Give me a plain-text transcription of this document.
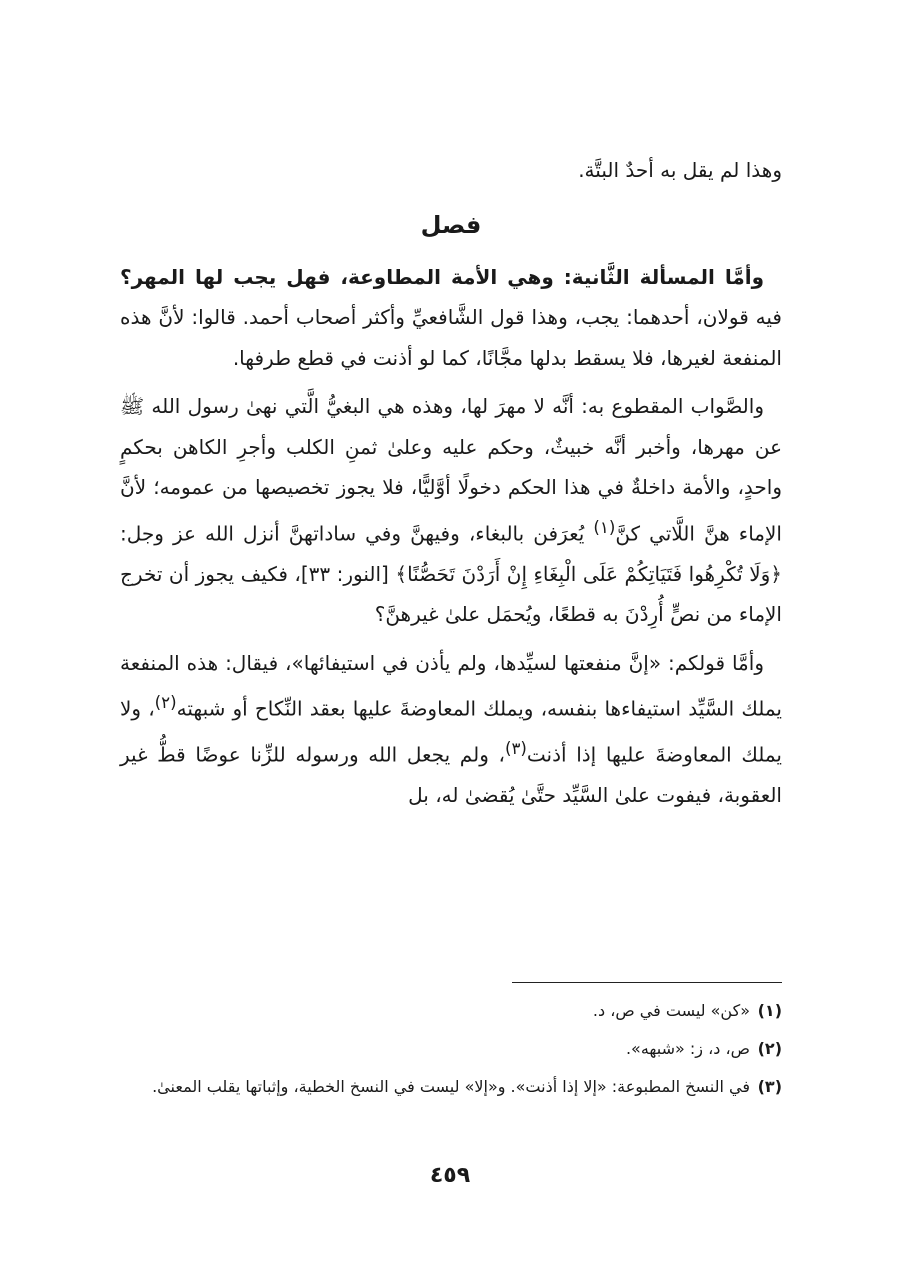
وهذا لم يقل به أحدٌ البتَّة.

فصل

وأمَّا المسألة الثَّانية: وهي الأمة المطاوعة، فهل يجب لها المهر؟ فيه قولان، أحدهما: يجب، وهذا قول الشَّافعيِّ وأكثر أصحاب أحمد. قالوا: لأنَّ هذه المنفعة لغيرها، فلا يسقط بدلها مجَّانًا، كما لو أذنت في قطع طرفها.

والصَّواب المقطوع به: أنَّه لا مهرَ لها، وهذه هي البغيُّ الَّتي نهىٰ رسول الله ﷺ عن مهرها، وأخبر أنَّه خبيثٌ، وحكم عليه وعلىٰ ثمنِ الكلب وأجرِ الكاهن بحكمٍ واحدٍ، والأمة داخلةٌ في هذا الحكم دخولًا أوَّليًّا، فلا يجوز تخصيصها من عمومه؛ لأنَّ الإماء هنَّ اللَّاتي كنَّ$^{(١)}$ يُعرَفن بالبغاء، وفيهنَّ وفي ساداتهنَّ أنزل الله عز وجل: ﴿وَلَا تُكْرِهُوا فَتَيَاتِكُمْ عَلَى الْبِغَاءِ إِنْ أَرَدْنَ تَحَصُّنًا﴾ [النور: ٣٣]، فكيف يجوز أن تخرج الإماء من نصٍّ أُرِدْنَ به قطعًا، ويُحمَل علىٰ غيرهنَّ؟

وأمَّا قولكم: «إنَّ منفعتها لسيِّدها، ولم يأذن في استيفائها»، فيقال: هذه المنفعة يملك السَّيِّد استيفاءها بنفسه، ويملك المعاوضةَ عليها بعقد النِّكاح أو شبهته$^{(٢)}$، ولا يملك المعاوضةَ عليها إذا أذنت$^{(٣)}$، ولم يجعل الله ورسوله للزِّنا عوضًا قطُّ غير العقوبة، فيفوت علىٰ السَّيِّد حتَّىٰ يُقضىٰ له، بل

(١)
«كن» ليست في ص، د.
(٢)
ص، د، ز: «شبهه».
(٣)
في النسخ المطبوعة: «إلا إذا أذنت». و«إلا» ليست في النسخ الخطية، وإثباتها يقلب المعنىٰ.
٤٥٩
